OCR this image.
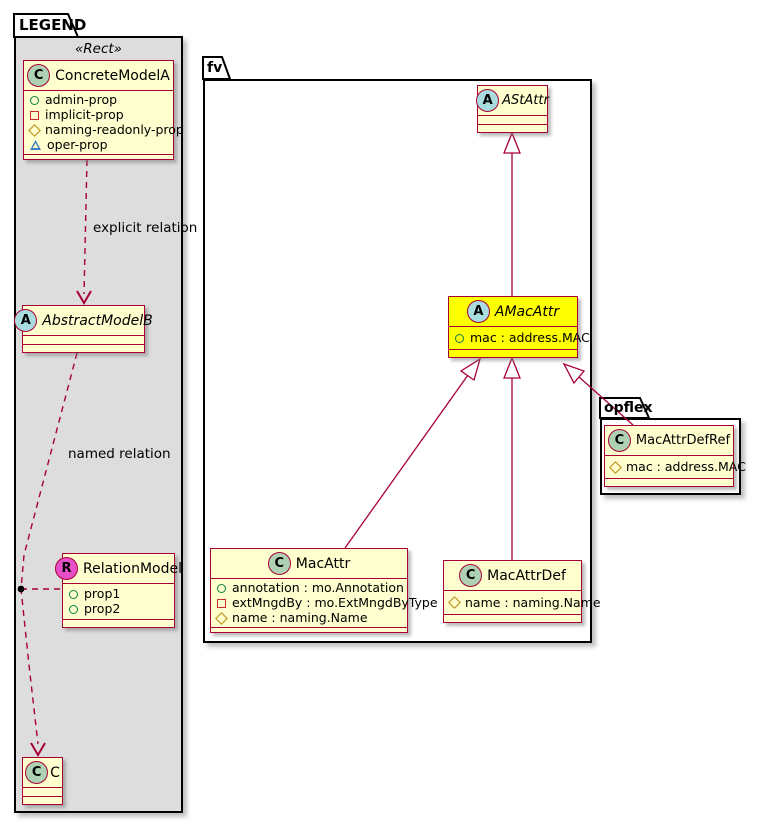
LEGEND
fv
opflex
«Rect»
explicit relation
named relation
C ConcreteModelA
admin-prop
implicit-prop
naming-readonly-prop
oper-prop
A AbstractModelB
R RelationModel
prop1
prop2
C C
A AStAttr
A AMacAttr
mac : address.MAC
C MacAttr
annotation : mo.Annotation
extMngdBy : mo.ExtMngdByType
name : naming.Name
C MacAttrDef
name : naming.Name
C MacAttrDefRef
mac : address.MAC
